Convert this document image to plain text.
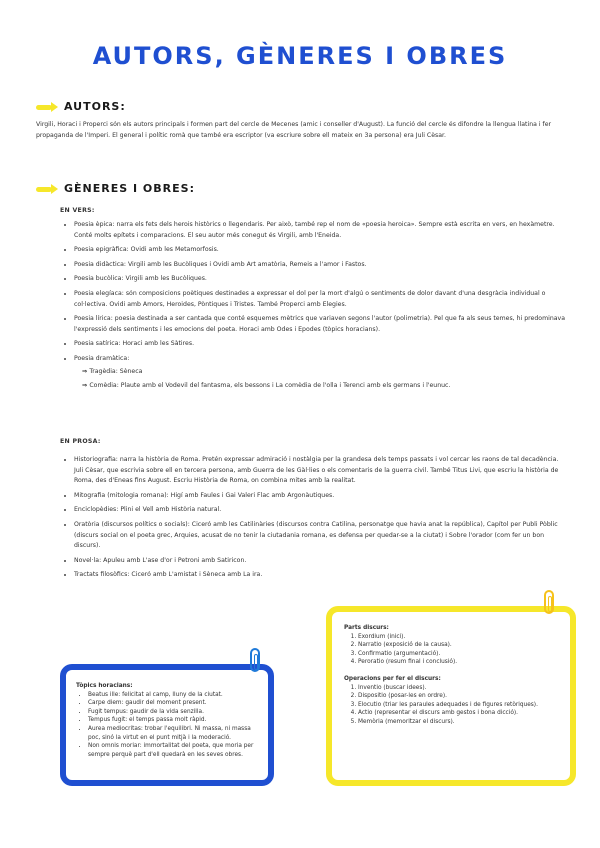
AUTORS, GÈNERES I OBRES
AUTORS:
Virgili, Horaci i Properci són els autors principals i formen part del cercle de Mecenes (amic i conseller d'August). La funció del cercle és difondre la llengua llatina i fer propaganda de l'Imperi. El general i polític romà que també era escriptor (va escriure sobre ell mateix en 3a persona) era Juli Cèsar.
GÈNERES I OBRES:
EN VERS:
• Poesia èpica: narra els fets dels herois històrics o llegendaris. Per això, també rep el nom de «poesia heroica». Sempre està escrita en vers, en hexàmetre. Conté molts epítets i comparacions. El seu autor més conegut és Virgili, amb l'Eneida.
• Poesia epigràfica: Ovidi amb les Metamorfosis.
• Poesia didàctica: Virgili amb les Bucòliques i Ovidi amb Art amatòria, Remeis a l'amor i Fastos.
• Poesia bucòlica: Virgili amb les Bucòliques.
• Poesia elegíaca: són composicions poètiques destinades a expressar el dol per la mort d'algú o sentiments de dolor davant d'una desgràcia individual o col·lectiva. Ovidi amb Amors, Heroides, Pòntiques i Tristes. També Properci amb Elegies.
• Poesia lírica: poesia destinada a ser cantada que conté esquemes mètrics que variaven segons l'autor (polimetria). Pel que fa als seus temes, hi predominava l'expressió dels sentiments i les emocions del poeta. Horaci amb Odes i Epodes (tòpics horacians).
• Poesia satírica: Horaci amb les Sàtires.
• Poesia dramàtica:
⇒ Tragèdia: Sèneca
⇒ Comèdia: Plaute amb el Vodevil del fantasma, els bessons i La comèdia de l'olla i Terenci amb els germans i l'eunuc.
EN PROSA:
• Historiografia: narra la història de Roma. Pretén expressar admiració i nostàlgia per la grandesa dels temps passats i vol cercar les raons de tal decadència. Juli Cèsar, que escrivia sobre ell en tercera persona, amb Guerra de les Gàl·lies o els comentaris de la guerra civil. També Titus Livi, que escriu la història de Roma, des d'Eneas fins August. Escriu Història de Roma, on combina mites amb la realitat.
• Mitografia (mitologia romana): Higí amb Faules i Gai Valeri Flac amb Argonàutiques.
• Enciclopèdies: Plini el Vell amb Història natural.
• Oratòria (discursos polítics o socials): Ciceró amb les Catilinàries (discursos contra Catilina, personatge que havia anat la república), Capítol per Publi Pòblic (discurs social on el poeta grec, Arquies, acusat de no tenir la ciutadania romana, es defensa per quedar-se a la ciutat) i Sobre l'orador (com fer un bon discurs).
• Novel·la: Apuleu amb L'ase d'or i Petroni amb Satiricon.
• Tractats filosòfics: Ciceró amb L'amistat i Sèneca amb La ira.
Tòpics horacians:
• Beatus ille: felicitat al camp, lluny de la ciutat.
• Carpe diem: gaudir del moment present.
• Fugit tempus: gaudir de la vida senzilla.
• Tempus fugit: el temps passa molt ràpid.
• Aurea mediocritas: trobar l'equilibri. Ni massa, ni massa poc, sinó la virtut en el punt mitjà i la moderació.
• Non omnis moriar: immortalitat del poeta, que moria per sempre perquè part d'ell quedarà en les seves obres.
Parts discurs:
1. Exordium (inici).
2. Narratio (exposició de la causa).
3. Confirmatio (argumentació).
4. Peroratio (resum final i conclusió).
Operacions per fer el discurs:
1. Inventio (buscar idees).
2. Dispositio (posar-les en ordre).
3. Elocutio (triar les paraules adequades i de figures retòriques).
4. Actio (representar el discurs amb gestos i bona dicció).
5. Memòria (memoritzar el discurs).
